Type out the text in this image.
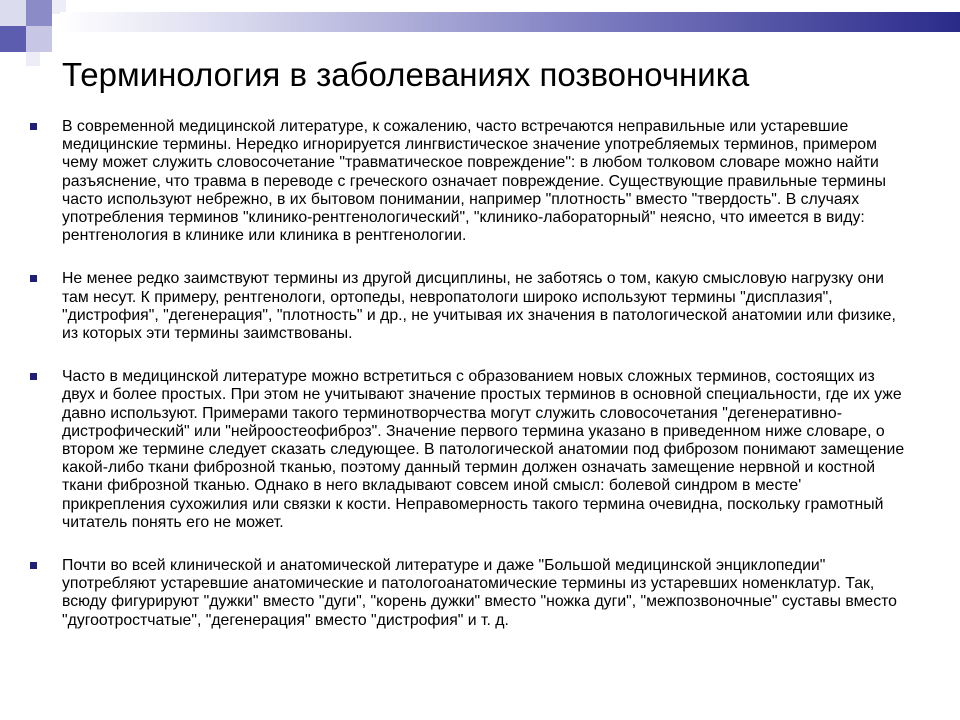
Терминология в заболеваниях позвоночника
В современной медицинской литературе, к сожалению, часто встречаются неправильные или устаревшие медицинские термины. Нередко игнорируется лингвистическое значение употребляемых терминов, примером чему может служить словосочетание "травматическое повреждение": в любом толковом словаре можно найти разъяснение, что травма в переводе с греческого означает повреждение. Существующие правильные термины часто используют небрежно, в их бытовом понимании, например "плотность" вместо "твердость". В случаях употребления терминов "клинико-рентгенологический", "клинико-лабораторный" неясно, что имеется в виду: рентгенология в клинике или клиника в рентгенологии.
Не менее редко заимствуют термины из другой дисциплины, не заботясь о том, какую смысловую нагрузку они там несут. К примеру, рентгенологи, ортопеды, невропатологи широко используют термины "дисплазия", "дистрофия", "дегенерация", "плотность" и др., не учитывая их значения в патологической анатомии или физике, из которых эти термины заимствованы.
Часто в медицинской литературе можно встретиться с образованием новых сложных терминов, состоящих из двух и более простых. При этом не учитывают значение простых терминов в основной специальности, где их уже давно используют. Примерами такого терминотворчества могут служить словосочетания "дегенеративно-дистрофический" или "нейроостеофиброз". Значение первого термина указано в приведенном ниже словаре, о втором же термине следует сказать следующее. В патологической анатомии под фиброзом понимают замещение какой-либо ткани фиброзной тканью, поэтому данный термин должен означать замещение нервной и костной ткани фиброзной тканью. Однако в него вкладывают совсем иной смысл: болевой синдром в месте' прикрепления сухожилия или связки к кости. Неправомерность такого термина очевидна, поскольку грамотный читатель понять его не может.
Почти во всей клинической и анатомической литературе и даже "Большой медицинской энциклопедии" употребляют устаревшие анатомические и патологоанатомические термины из устаревших номенклатур. Так, всюду фигурируют "дужки" вместо "дуги", "корень дужки" вместо "ножка дуги", "межпозвоночные" суставы вместо "дугоотростчатые", "дегенерация" вместо "дистрофия" и т. д.
